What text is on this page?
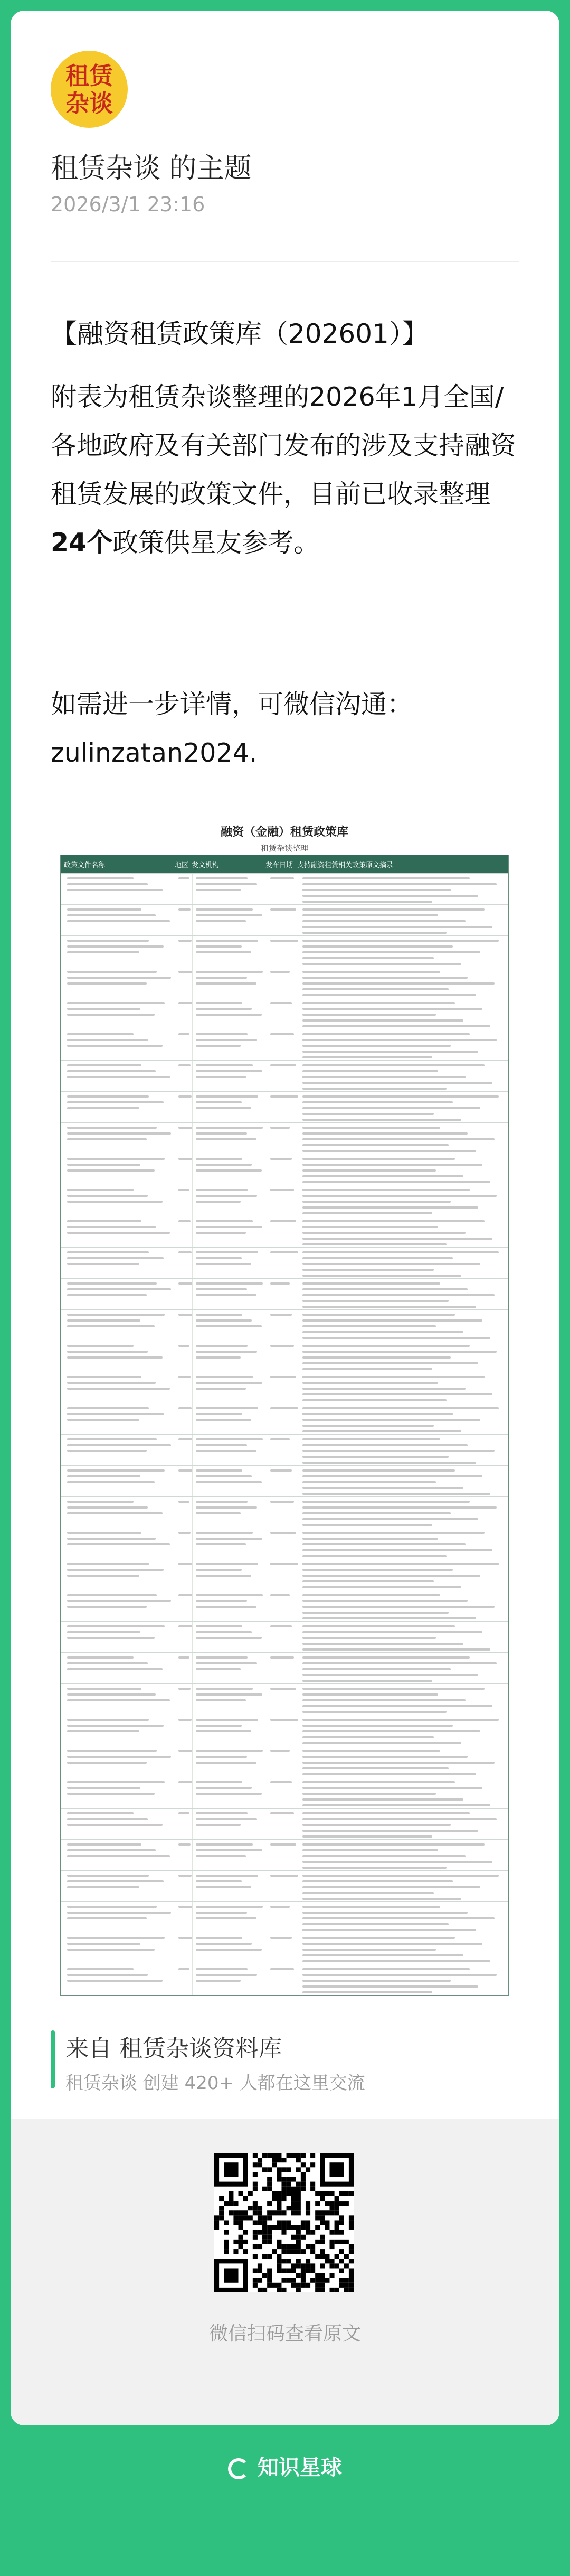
租赁
杂谈
租赁杂谈 的主题
2026/3/1 23:16
【融资租赁政策库（202601）】
附表为租赁杂谈整理的2026年1月全国/各地政府及有关部门发布的涉及支持融资租赁发展的政策文件，目前已收录整理24个政策供星友参考。
如需进一步详情，可微信沟通：zulinzatan2024.
融资（金融）租赁政策库
租赁杂谈整理
政策文件名称	地区 发文机构	发布日期 支持融资租赁相关政策原文摘录
来自 租赁杂谈资料库
租赁杂谈 创建 420+ 人都在这里交流
微信扫码查看原文
知识星球
